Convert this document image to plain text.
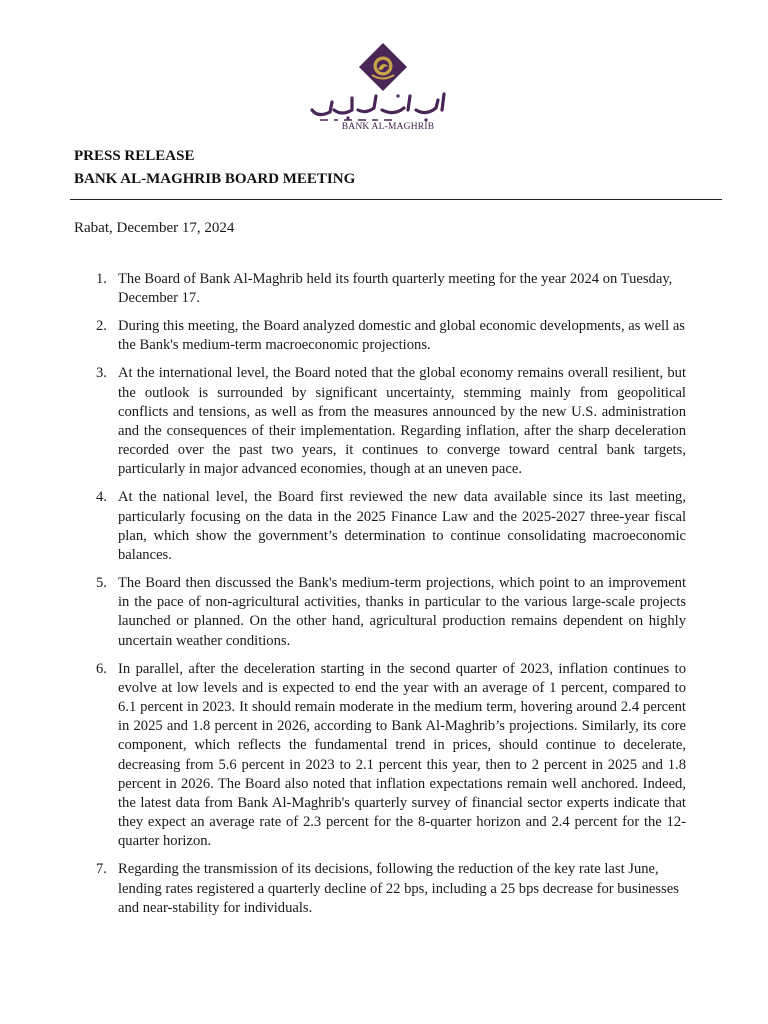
BANK AL-MAGHRIB
PRESS RELEASE
BANK AL-MAGHRIB BOARD MEETING
Rabat, December 17, 2024
1. The Board of Bank Al-Maghrib held its fourth quarterly meeting for the year 2024 on Tuesday, December 17.
2. During this meeting, the Board analyzed domestic and global economic developments, as well as the Bank's medium-term macroeconomic projections.
3. At the international level, the Board noted that the global economy remains overall resilient, but the outlook is surrounded by significant uncertainty, stemming mainly from geopolitical conflicts and tensions, as well as from the measures announced by the new U.S. administration and the consequences of their implementation. Regarding inflation, after the sharp deceleration recorded over the past two years, it continues to converge toward central bank targets, particularly in major advanced economies, though at an uneven pace.
4. At the national level, the Board first reviewed the new data available since its last meeting, particularly focusing on the data in the 2025 Finance Law and the 2025-2027 three-year fiscal plan, which show the government’s determination to continue consolidating macroeconomic balances.
5. The Board then discussed the Bank's medium-term projections, which point to an improvement in the pace of non-agricultural activities, thanks in particular to the various large-scale projects launched or planned. On the other hand, agricultural production remains dependent on highly uncertain weather conditions.
6. In parallel, after the deceleration starting in the second quarter of 2023, inflation continues to evolve at low levels and is expected to end the year with an average of 1 percent, compared to 6.1 percent in 2023. It should remain moderate in the medium term, hovering around 2.4 percent in 2025 and 1.8 percent in 2026, according to Bank Al-Maghrib’s projections. Similarly, its core component, which reflects the fundamental trend in prices, should continue to decelerate, decreasing from 5.6 percent in 2023 to 2.1 percent this year, then to 2 percent in 2025 and 1.8 percent in 2026. The Board also noted that inflation expectations remain well anchored. Indeed, the latest data from Bank Al-Maghrib's quarterly survey of financial sector experts indicate that they expect an average rate of 2.3 percent for the 8-quarter horizon and 2.4 percent for the 12-quarter horizon.
7. Regarding the transmission of its decisions, following the reduction of the key rate last June, lending rates registered a quarterly decline of 22 bps, including a 25 bps decrease for businesses and near-stability for individuals.
